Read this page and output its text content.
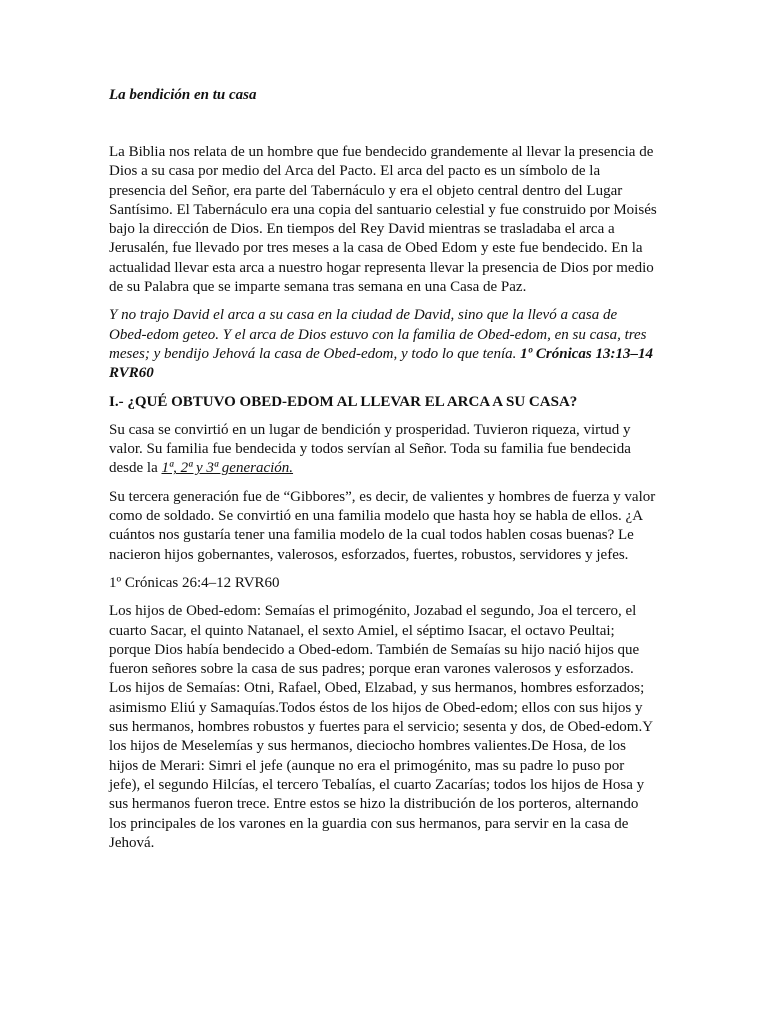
La bendición en tu casa

La Biblia nos relata de un hombre que fue bendecido grandemente al llevar la presencia de Dios a su casa por medio del Arca del Pacto. El arca del pacto es un símbolo de la presencia del Señor, era parte del Tabernáculo y era el objeto central dentro del Lugar Santísimo. El Tabernáculo era una copia del santuario celestial y fue construido por Moisés bajo la dirección de Dios. En tiempos del Rey David mientras se trasladaba el arca a Jerusalén, fue llevado por tres meses a la casa de Obed Edom y este fue bendecido. En la actualidad llevar esta arca a nuestro hogar representa llevar la presencia de Dios por medio de su Palabra que se imparte semana tras semana en una Casa de Paz.

Y no trajo David el arca a su casa en la ciudad de David, sino que la llevó a casa de Obed-edom geteo. Y el arca de Dios estuvo con la familia de Obed-edom, en su casa, tres meses; y bendijo Jehová la casa de Obed-edom, y todo lo que tenía. 1º Crónicas 13:13–14 RVR60

I.- ¿QUÉ OBTUVO OBED-EDOM AL LLEVAR EL ARCA A SU CASA?

Su casa se convirtió en un lugar de bendición y prosperidad. Tuvieron riqueza, virtud y valor. Su familia fue bendecida y todos servían al Señor. Toda su familia fue bendecida desde la 1ª, 2ª y 3ª generación.

Su tercera generación fue de “Gibbores”, es decir, de valientes y hombres de fuerza y valor como de soldado. Se convirtió en una familia modelo que hasta hoy se habla de ellos. ¿A cuántos nos gustaría tener una familia modelo de la cual todos hablen cosas buenas? Le nacieron hijos gobernantes, valerosos, esforzados, fuertes, robustos, servidores y jefes.

1º Crónicas 26:4–12 RVR60

Los hijos de Obed-edom: Semaías el primogénito, Jozabad el segundo, Joa el tercero, el cuarto Sacar, el quinto Natanael, el sexto Amiel, el séptimo Isacar, el octavo Peultai; porque Dios había bendecido a Obed-edom. También de Semaías su hijo nació hijos que fueron señores sobre la casa de sus padres; porque eran varones valerosos y esforzados. Los hijos de Semaías: Otni, Rafael, Obed, Elzabad, y sus hermanos, hombres esforzados; asimismo Eliú y Samaquías.Todos éstos de los hijos de Obed-edom; ellos con sus hijos y sus hermanos, hombres robustos y fuertes para el servicio; sesenta y dos, de Obed-edom.Y los hijos de Meselemías y sus hermanos, dieciocho hombres valientes.De Hosa, de los hijos de Merari: Simri el jefe (aunque no era el primogénito, mas su padre lo puso por jefe), el segundo Hilcías, el tercero Tebalías, el cuarto Zacarías; todos los hijos de Hosa y sus hermanos fueron trece. Entre estos se hizo la distribución de los porteros, alternando los principales de los varones en la guardia con sus hermanos, para servir en la casa de Jehová.
